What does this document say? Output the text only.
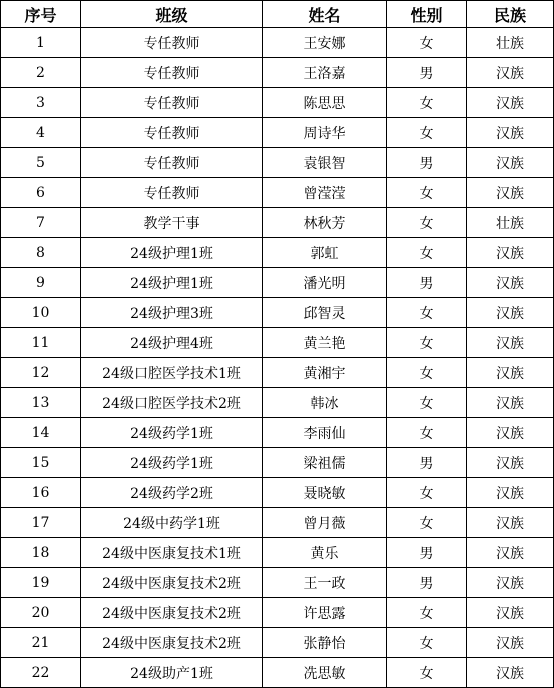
序号	班级	姓名	性别	民族
1	专任教师	王安娜	女	壮族
2	专任教师	王洛嘉	男	汉族
3	专任教师	陈思思	女	汉族
4	专任教师	周诗华	女	汉族
5	专任教师	袁银智	男	汉族
6	专任教师	曾滢滢	女	汉族
7	教学干事	林秋芳	女	壮族
8	24级护理1班	郭虹	女	汉族
9	24级护理1班	潘光明	男	汉族
10	24级护理3班	邱智灵	女	汉族
11	24级护理4班	黄兰艳	女	汉族
12	24级口腔医学技术1班	黄湘宇	女	汉族
13	24级口腔医学技术2班	韩冰	女	汉族
14	24级药学1班	李雨仙	女	汉族
15	24级药学1班	梁祖儒	男	汉族
16	24级药学2班	聂晓敏	女	汉族
17	24级中药学1班	曾月薇	女	汉族
18	24级中医康复技术1班	黄乐	男	汉族
19	24级中医康复技术2班	王一政	男	汉族
20	24级中医康复技术2班	许思露	女	汉族
21	24级中医康复技术2班	张静怡	女	汉族
22	24级助产1班	冼思敏	女	汉族
